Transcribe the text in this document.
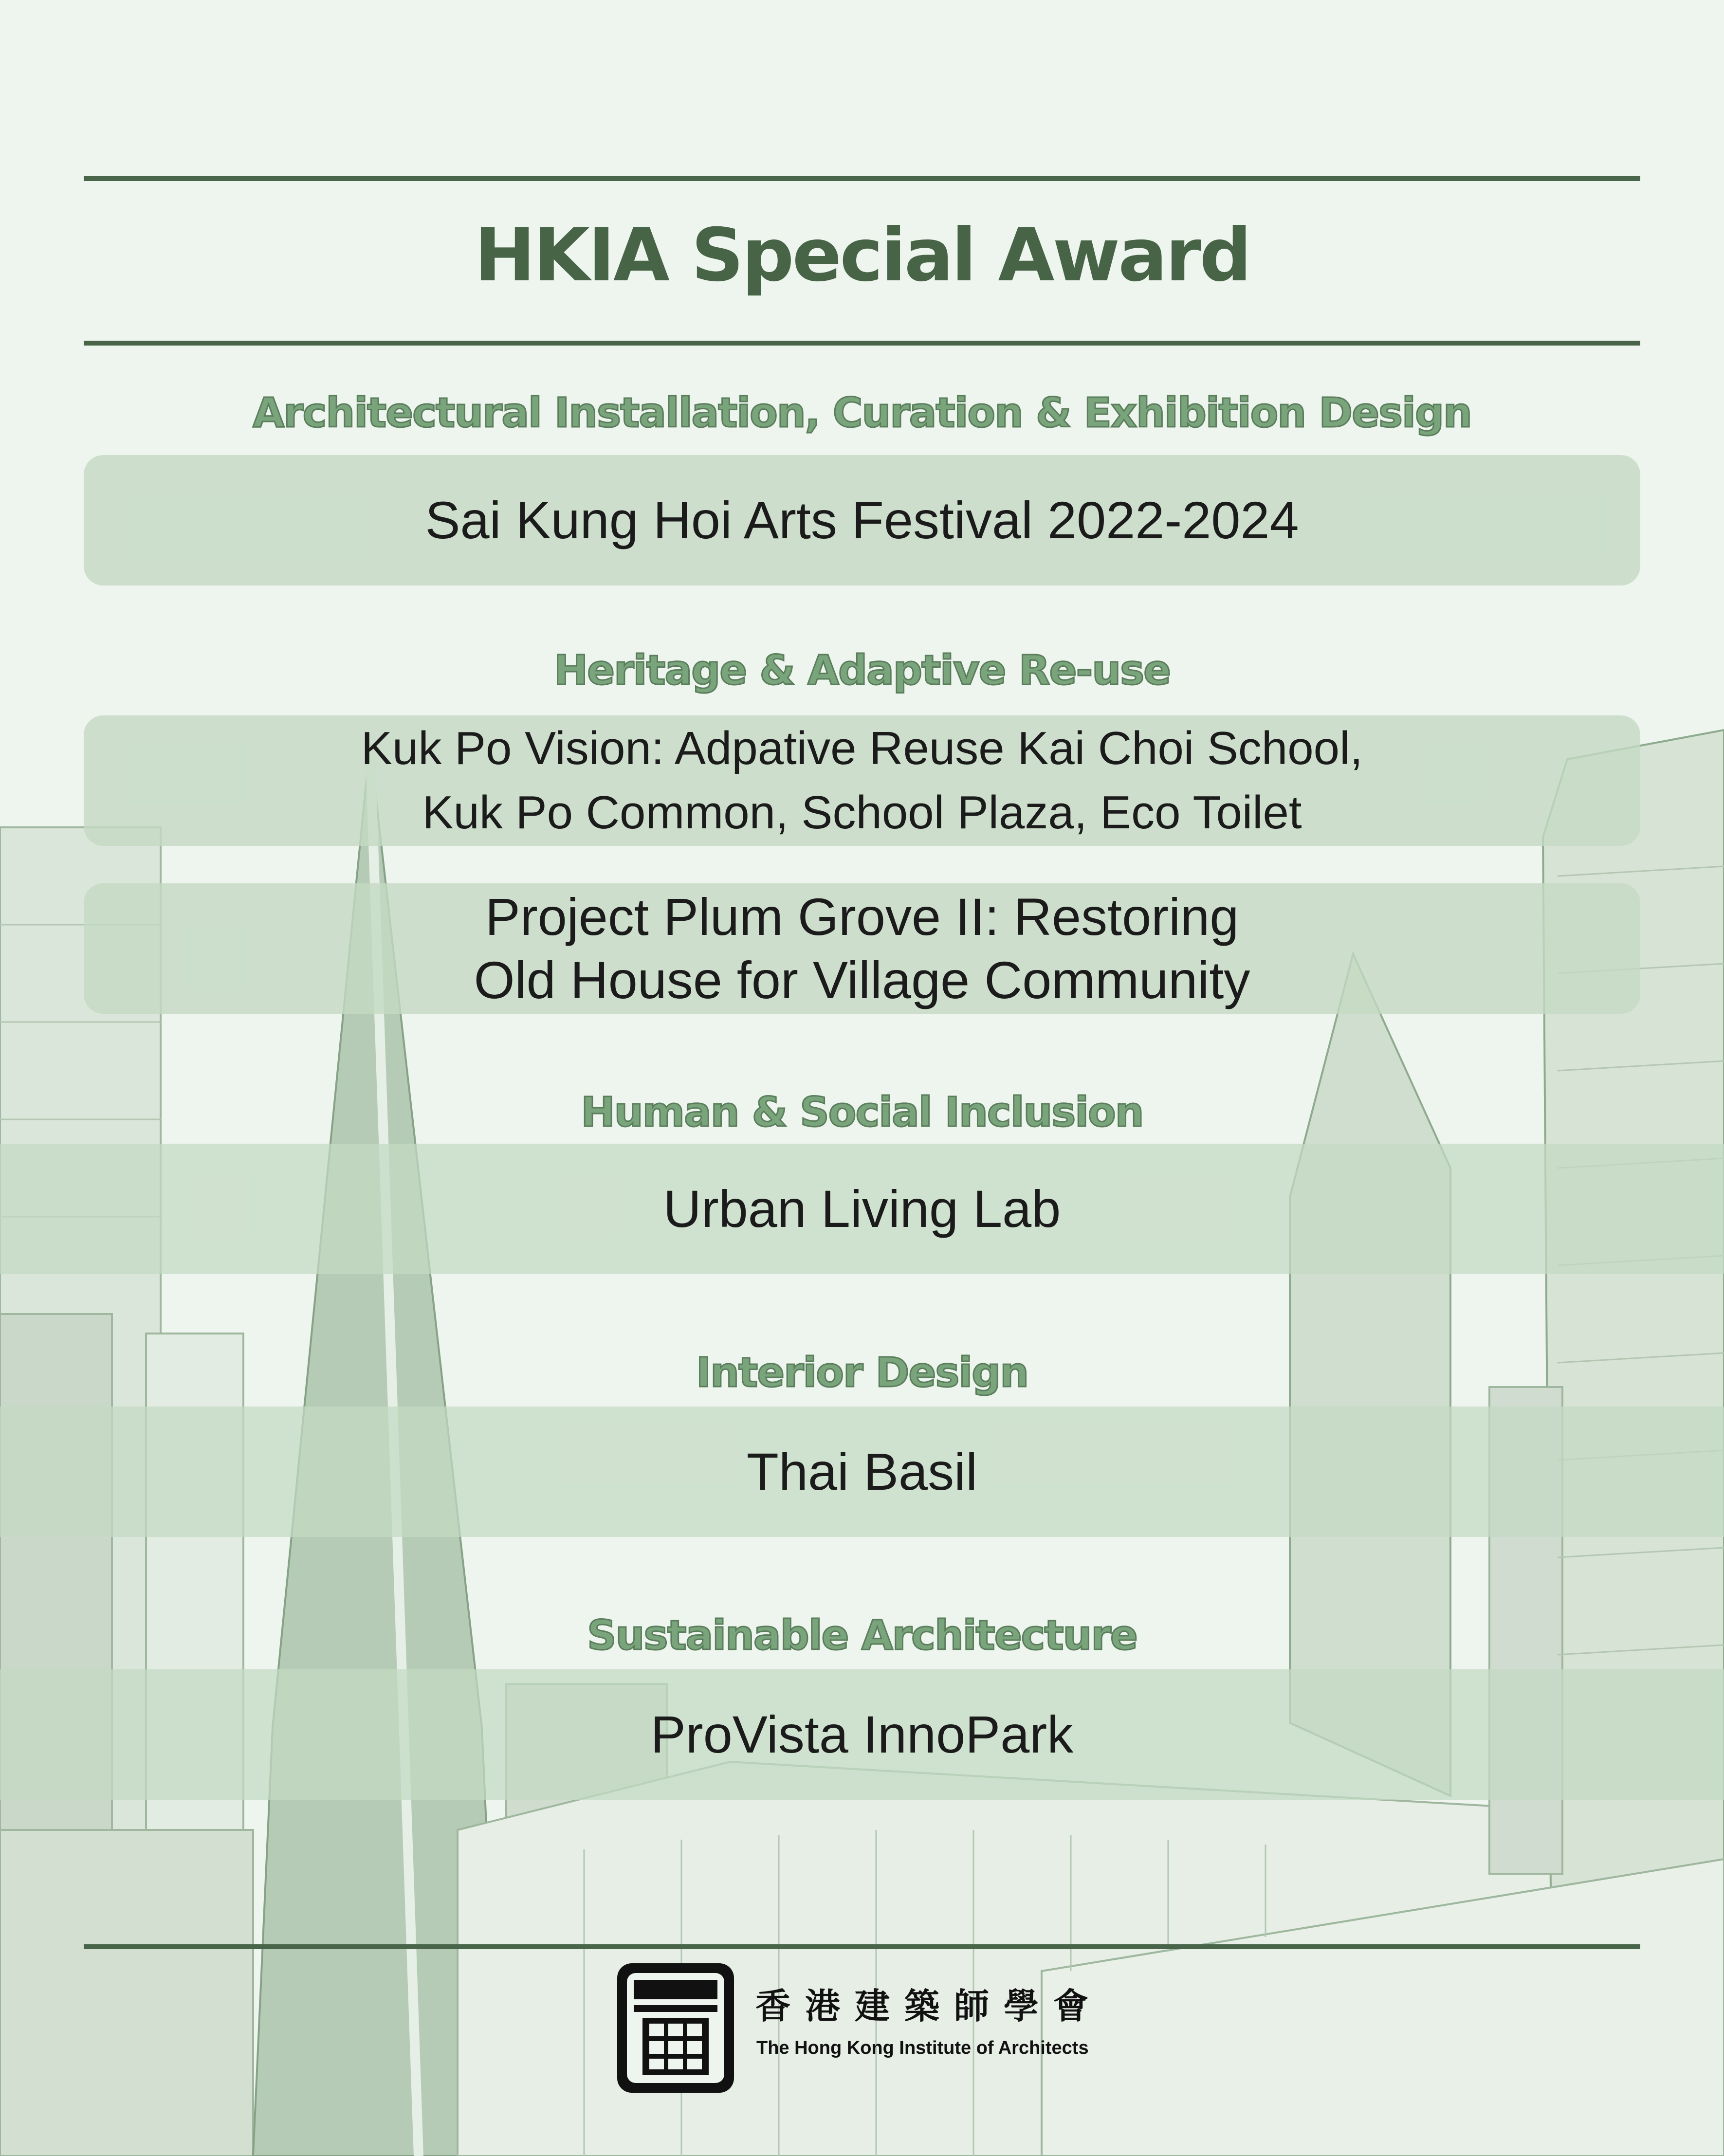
HKIA Special Award
Architectural Installation, Curation & Exhibition Design
Sai Kung Hoi Arts Festival 2022-2024
Heritage & Adaptive Re-use
Kuk Po Vision: Adpative Reuse Kai Choi School,
Kuk Po Common, School Plaza, Eco Toilet
Project Plum Grove II: Restoring
Old House for Village Community
Human & Social Inclusion
Urban Living Lab
Interior Design
Thai Basil
Sustainable Architecture
ProVista InnoPark
香港建築師學會
The Hong Kong Institute of Architects
